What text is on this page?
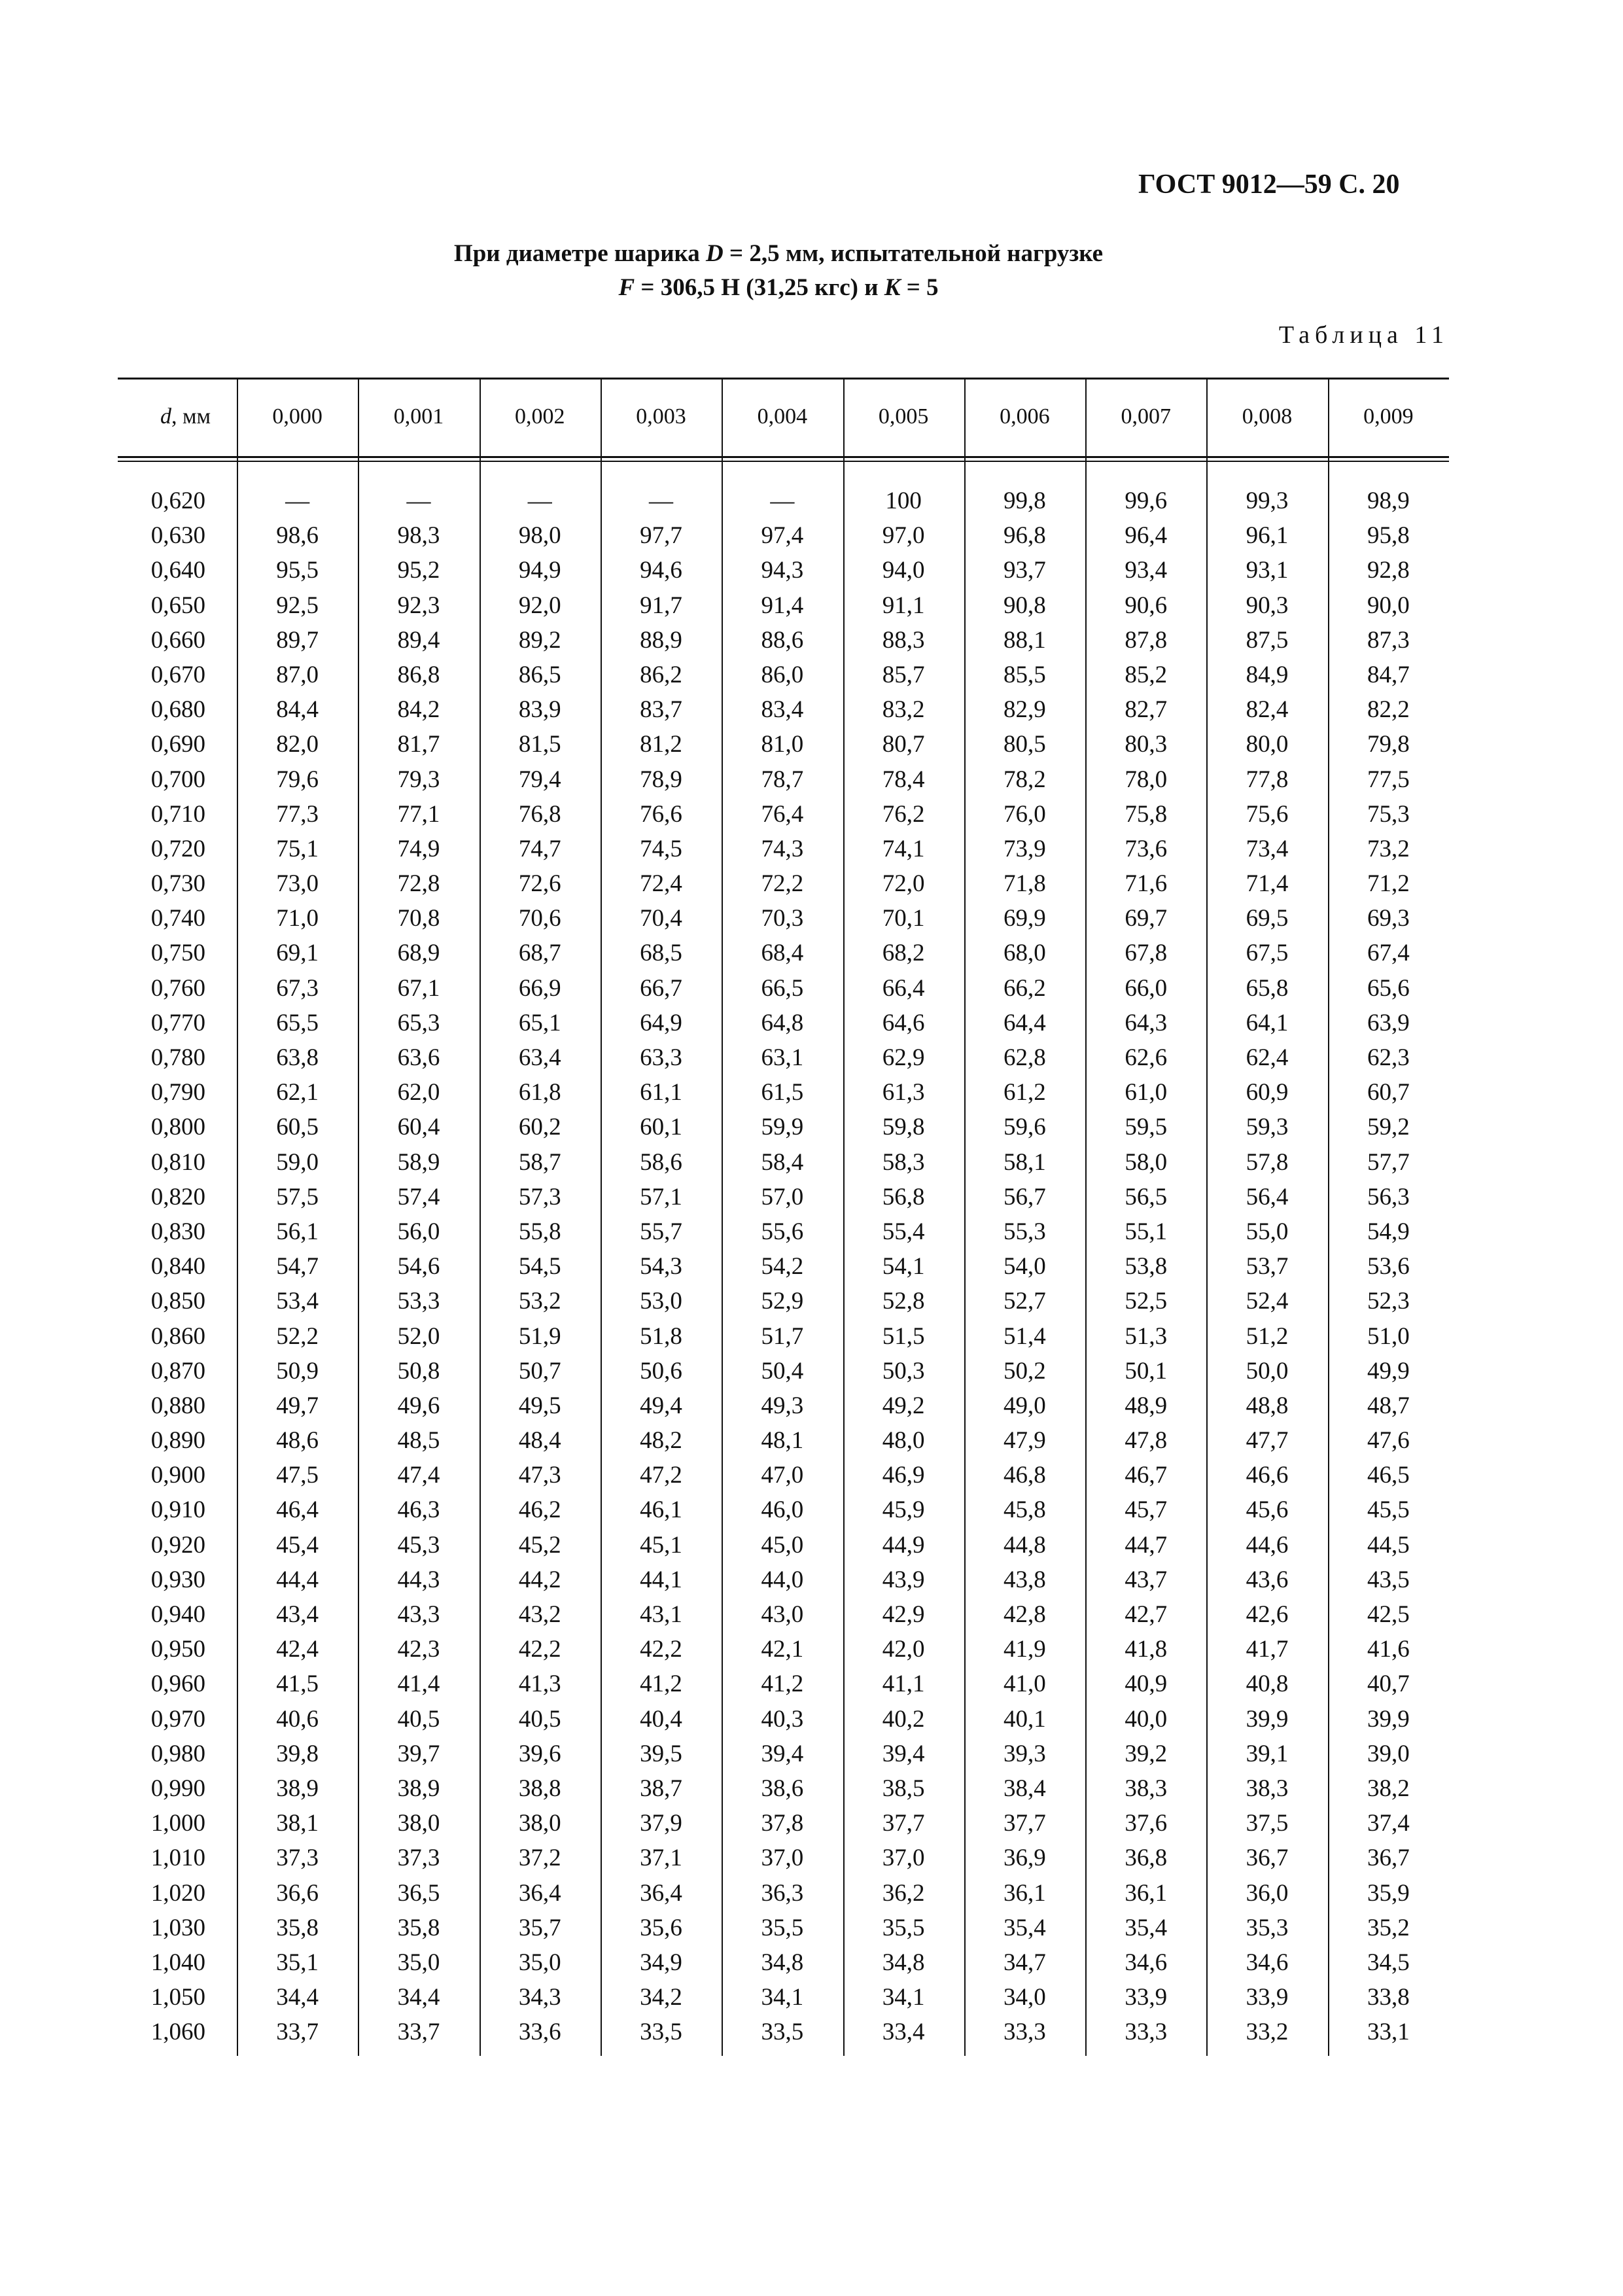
ГОСТ 9012—59 С. 20
При диаметре шарика D = 2,5 мм, испытательной нагрузке
F = 306,5 Н (31,25 кгс) и K = 5
Таблица 11
d, мм	0,000	0,001	0,002	0,003	0,004	0,005	0,006	0,007	0,008	0,009
0,620	—	—	—	—	—	100	99,8	99,6	99,3	98,9
0,630	98,6	98,3	98,0	97,7	97,4	97,0	96,8	96,4	96,1	95,8
0,640	95,5	95,2	94,9	94,6	94,3	94,0	93,7	93,4	93,1	92,8
0,650	92,5	92,3	92,0	91,7	91,4	91,1	90,8	90,6	90,3	90,0
0,660	89,7	89,4	89,2	88,9	88,6	88,3	88,1	87,8	87,5	87,3
0,670	87,0	86,8	86,5	86,2	86,0	85,7	85,5	85,2	84,9	84,7
0,680	84,4	84,2	83,9	83,7	83,4	83,2	82,9	82,7	82,4	82,2
0,690	82,0	81,7	81,5	81,2	81,0	80,7	80,5	80,3	80,0	79,8
0,700	79,6	79,3	79,4	78,9	78,7	78,4	78,2	78,0	77,8	77,5
0,710	77,3	77,1	76,8	76,6	76,4	76,2	76,0	75,8	75,6	75,3
0,720	75,1	74,9	74,7	74,5	74,3	74,1	73,9	73,6	73,4	73,2
0,730	73,0	72,8	72,6	72,4	72,2	72,0	71,8	71,6	71,4	71,2
0,740	71,0	70,8	70,6	70,4	70,3	70,1	69,9	69,7	69,5	69,3
0,750	69,1	68,9	68,7	68,5	68,4	68,2	68,0	67,8	67,5	67,4
0,760	67,3	67,1	66,9	66,7	66,5	66,4	66,2	66,0	65,8	65,6
0,770	65,5	65,3	65,1	64,9	64,8	64,6	64,4	64,3	64,1	63,9
0,780	63,8	63,6	63,4	63,3	63,1	62,9	62,8	62,6	62,4	62,3
0,790	62,1	62,0	61,8	61,1	61,5	61,3	61,2	61,0	60,9	60,7
0,800	60,5	60,4	60,2	60,1	59,9	59,8	59,6	59,5	59,3	59,2
0,810	59,0	58,9	58,7	58,6	58,4	58,3	58,1	58,0	57,8	57,7
0,820	57,5	57,4	57,3	57,1	57,0	56,8	56,7	56,5	56,4	56,3
0,830	56,1	56,0	55,8	55,7	55,6	55,4	55,3	55,1	55,0	54,9
0,840	54,7	54,6	54,5	54,3	54,2	54,1	54,0	53,8	53,7	53,6
0,850	53,4	53,3	53,2	53,0	52,9	52,8	52,7	52,5	52,4	52,3
0,860	52,2	52,0	51,9	51,8	51,7	51,5	51,4	51,3	51,2	51,0
0,870	50,9	50,8	50,7	50,6	50,4	50,3	50,2	50,1	50,0	49,9
0,880	49,7	49,6	49,5	49,4	49,3	49,2	49,0	48,9	48,8	48,7
0,890	48,6	48,5	48,4	48,2	48,1	48,0	47,9	47,8	47,7	47,6
0,900	47,5	47,4	47,3	47,2	47,0	46,9	46,8	46,7	46,6	46,5
0,910	46,4	46,3	46,2	46,1	46,0	45,9	45,8	45,7	45,6	45,5
0,920	45,4	45,3	45,2	45,1	45,0	44,9	44,8	44,7	44,6	44,5
0,930	44,4	44,3	44,2	44,1	44,0	43,9	43,8	43,7	43,6	43,5
0,940	43,4	43,3	43,2	43,1	43,0	42,9	42,8	42,7	42,6	42,5
0,950	42,4	42,3	42,2	42,2	42,1	42,0	41,9	41,8	41,7	41,6
0,960	41,5	41,4	41,3	41,2	41,2	41,1	41,0	40,9	40,8	40,7
0,970	40,6	40,5	40,5	40,4	40,3	40,2	40,1	40,0	39,9	39,9
0,980	39,8	39,7	39,6	39,5	39,4	39,4	39,3	39,2	39,1	39,0
0,990	38,9	38,9	38,8	38,7	38,6	38,5	38,4	38,3	38,3	38,2
1,000	38,1	38,0	38,0	37,9	37,8	37,7	37,7	37,6	37,5	37,4
1,010	37,3	37,3	37,2	37,1	37,0	37,0	36,9	36,8	36,7	36,7
1,020	36,6	36,5	36,4	36,4	36,3	36,2	36,1	36,1	36,0	35,9
1,030	35,8	35,8	35,7	35,6	35,5	35,5	35,4	35,4	35,3	35,2
1,040	35,1	35,0	35,0	34,9	34,8	34,8	34,7	34,6	34,6	34,5
1,050	34,4	34,4	34,3	34,2	34,1	34,1	34,0	33,9	33,9	33,8
1,060	33,7	33,7	33,6	33,5	33,5	33,4	33,3	33,3	33,2	33,1
